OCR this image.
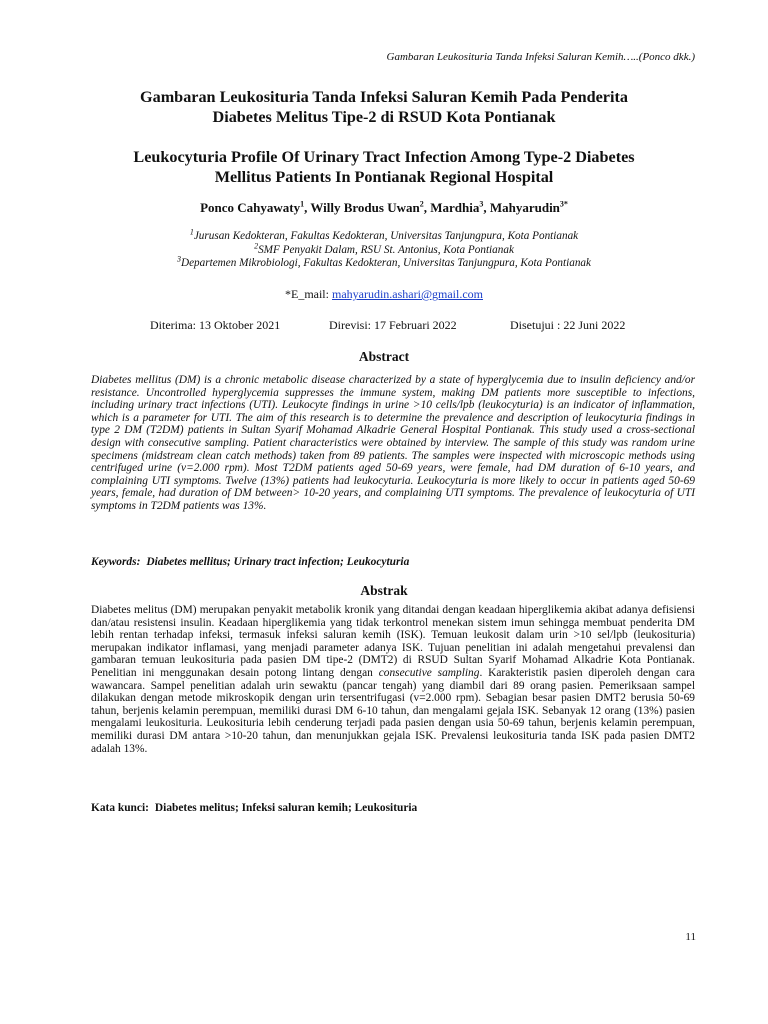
Gambaran Leukosituria Tanda Infeksi Saluran Kemih…..(Ponco dkk.)
Gambaran Leukosituria Tanda Infeksi Saluran Kemih Pada Penderita
Diabetes Melitus Tipe-2 di RSUD Kota Pontianak
Leukocyturia Profile Of Urinary Tract Infection Among Type-2 Diabetes
Mellitus Patients In Pontianak Regional Hospital
Ponco Cahyawaty$^1$, Willy Brodus Uwan$^2$, Mardhia$^3$, Mahyarudin$^{3*}$
$^1$Jurusan Kedokteran, Fakultas Kedokteran, Universitas Tanjungpura, Kota Pontianak
$^2$SMF Penyakit Dalam, RSU St. Antonius, Kota Pontianak
$^3$Departemen Mikrobiologi, Fakultas Kedokteran, Universitas Tanjungpura, Kota Pontianak
*E_mail: mahyarudin.ashari@gmail.com
Diterima: 13 Oktober 2021	Direvisi: 17 Februari 2022	Disetujui : 22 Juni 2022
Abstract
Diabetes mellitus (DM) is a chronic metabolic disease characterized by a state of hyperglycemia due to insulin deficiency and/or resistance. Uncontrolled hyperglycemia suppresses the immune system, making DM patients more susceptible to infections, including urinary tract infections (UTI). Leukocyte findings in urine >10 cells/lpb (leukocyturia) is an indicator of inflammation, which is a parameter for UTI. The aim of this research is to determine the prevalence and description of leukocyturia findings in type 2 DM (T2DM) patients in Sultan Syarif Mohamad Alkadrie General Hospital Pontianak. This study used a cross-sectional design with consecutive sampling. Patient characteristics were obtained by interview. The sample of this study was random urine specimens (midstream clean catch methods) taken from 89 patients. The samples were inspected with microscopic methods using centrifuged urine (v=2.000 rpm). Most T2DM patients aged 50-69 years, were female, had DM duration of 6-10 years, and complaining UTI symptoms. Twelve (13%) patients had leukocyturia. Leukocyturia is more likely to occur in patients aged 50-69 years, female, had duration of DM between> 10-20 years, and complaining UTI symptoms. The prevalence of leukocyturia of UTI symptoms in T2DM patients was 13%.
Keywords: Diabetes mellitus; Urinary tract infection; Leukocyturia
Abstrak
Diabetes melitus (DM) merupakan penyakit metabolik kronik yang ditandai dengan keadaan hiperglikemia akibat adanya defisiensi dan/atau resistensi insulin. Keadaan hiperglikemia yang tidak terkontrol menekan sistem imun sehingga membuat penderita DM lebih rentan terhadap infeksi, termasuk infeksi saluran kemih (ISK). Temuan leukosit dalam urin >10 sel/lpb (leukosituria) merupakan indikator inflamasi, yang menjadi parameter adanya ISK. Tujuan penelitian ini adalah mengetahui prevalensi dan gambaran temuan leukosituria pada pasien DM tipe-2 (DMT2) di RSUD Sultan Syarif Mohamad Alkadrie Kota Pontianak. Penelitian ini menggunakan desain potong lintang dengan consecutive sampling. Karakteristik pasien diperoleh dengan cara wawancara. Sampel penelitian adalah urin sewaktu (pancar tengah) yang diambil dari 89 orang pasien. Pemeriksaan sampel dilakukan dengan metode mikroskopik dengan urin tersentrifugasi (v=2.000 rpm). Sebagian besar pasien DMT2 berusia 50-69 tahun, berjenis kelamin perempuan, memiliki durasi DM 6-10 tahun, dan mengalami gejala ISK. Sebanyak 12 orang (13%) pasien mengalami leukosituria. Leukosituria lebih cenderung terjadi pada pasien dengan usia 50-69 tahun, berjenis kelamin perempuan, memiliki durasi DM antara >10-20 tahun, dan menunjukkan gejala ISK. Prevalensi leukosituria tanda ISK pada pasien DMT2 adalah 13%.
Kata kunci: Diabetes melitus; Infeksi saluran kemih; Leukosituria
11
